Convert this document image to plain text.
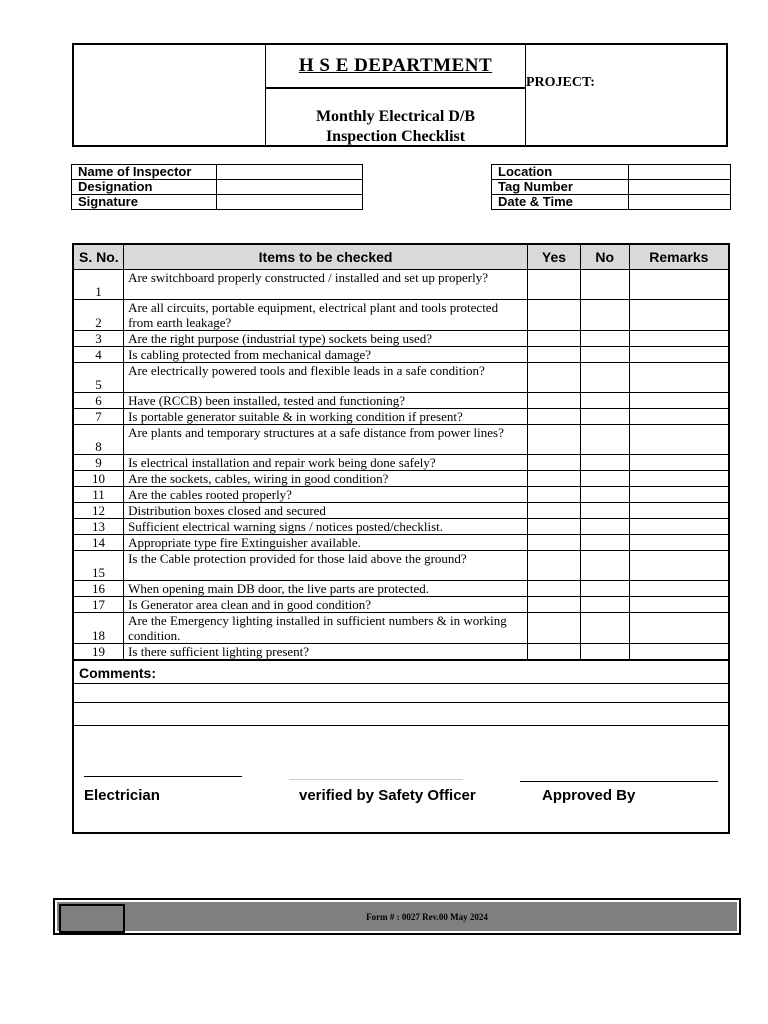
H S E DEPARTMENT
Monthly Electrical D/B
Inspection Checklist
PROJECT:
Name of Inspector	
Designation	
Signature	
Location	
Tag Number	
Date & Time	
S. No.	Items to be checked	Yes	No	Remarks
1	Are switchboard properly constructed / installed and set up properly?			
2	Are all circuits, portable equipment, electrical plant and tools protected from earth leakage?			
3	Are the right purpose (industrial type) sockets being used?			
4	Is cabling protected from mechanical damage?			
5	Are electrically powered tools and flexible leads in a safe condition?			
6	Have (RCCB) been installed, tested and functioning?			
7	Is portable generator suitable & in working condition if present?			
8	Are plants and temporary structures at a safe distance from power lines?			
9	Is electrical installation and repair work being done safely?			
10	Are the sockets, cables, wiring in good condition?			
11	Are the cables rooted properly?			
12	Distribution boxes closed and secured			
13	Sufficient electrical warning signs / notices posted/checklist.			
14	Appropriate type fire Extinguisher available.			
15	Is the Cable protection provided for those laid above the ground?			
16	When opening main DB door, the live parts are protected.			
17	Is Generator area clean and in good condition?			
18	Are the Emergency lighting installed in sufficient numbers & in working condition.			
19	Is there sufficient lighting present?			
Comments:
Electrician	verified by Safety Officer	Approved By
Form # : 0027 Rev.00 May 2024
